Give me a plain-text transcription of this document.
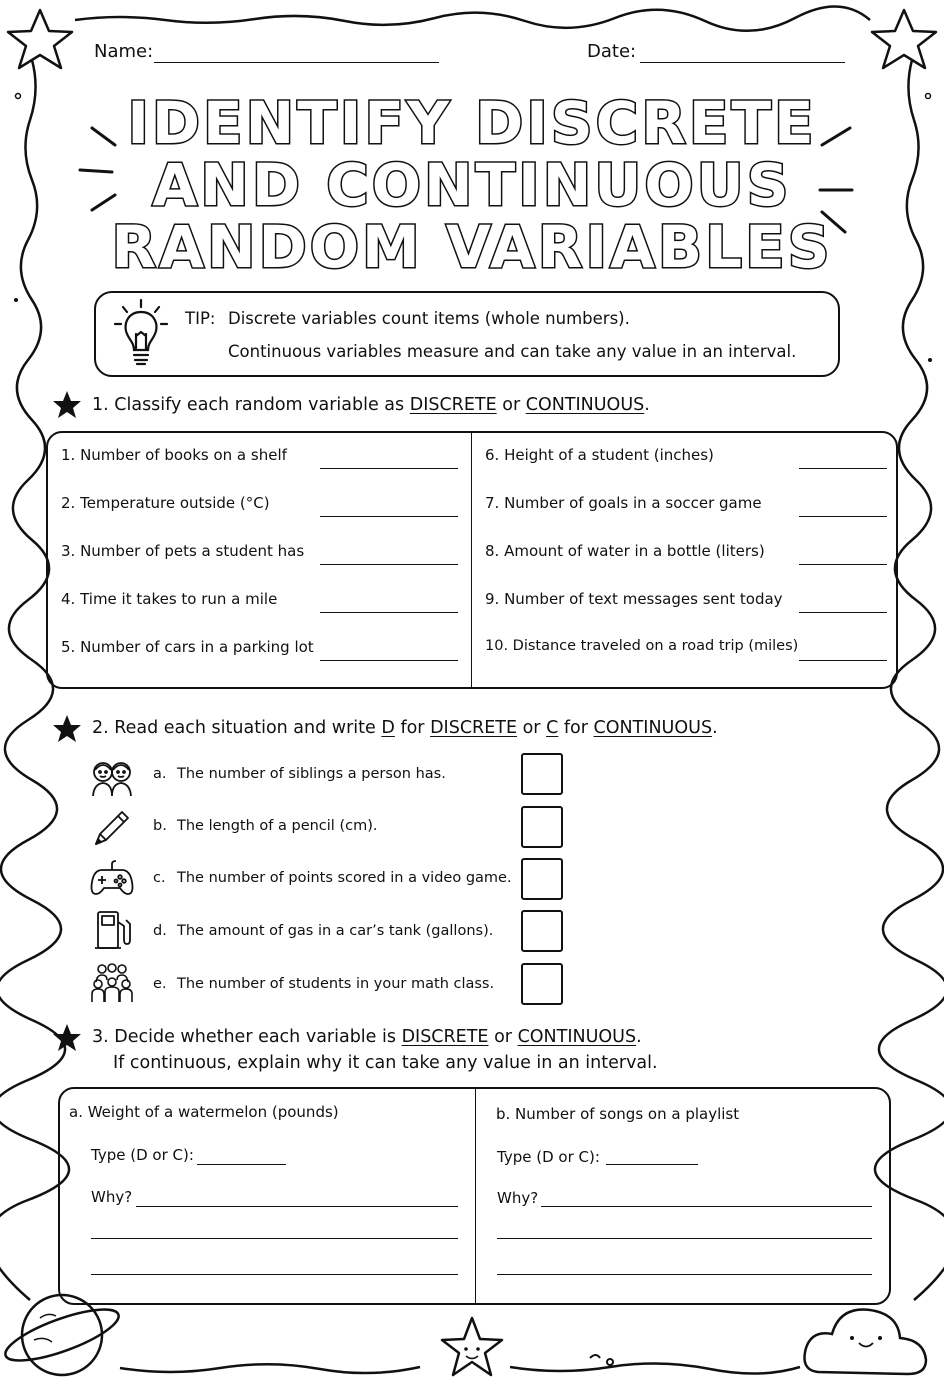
Name:	Date:
IDENTIFY DISCRETE
AND CONTINUOUS
RANDOM VARIABLES
TIP: Discrete variables count items (whole numbers).
Continuous variables measure and can take any value in an interval.
1. Classify each random variable as DISCRETE or CONTINUOUS.
1. Number of books on a shelf
2. Temperature outside (°C)
3. Number of pets a student has
4. Time it takes to run a mile
5. Number of cars in a parking lot
6. Height of a student (inches)
7. Number of goals in a soccer game
8. Amount of water in a bottle (liters)
9. Number of text messages sent today
10. Distance traveled on a road trip (miles)
2. Read each situation and write D for DISCRETE or C for CONTINUOUS.
a. The number of siblings a person has.
b. The length of a pencil (cm).
c. The number of points scored in a video game.
d. The amount of gas in a car’s tank (gallons).
e. The number of students in your math class.
3. Decide whether each variable is DISCRETE or CONTINUOUS.
If continuous, explain why it can take any value in an interval.
a. Weight of a watermelon (pounds)
Type (D or C):
Why?
b. Number of songs on a playlist
Type (D or C):
Why?
